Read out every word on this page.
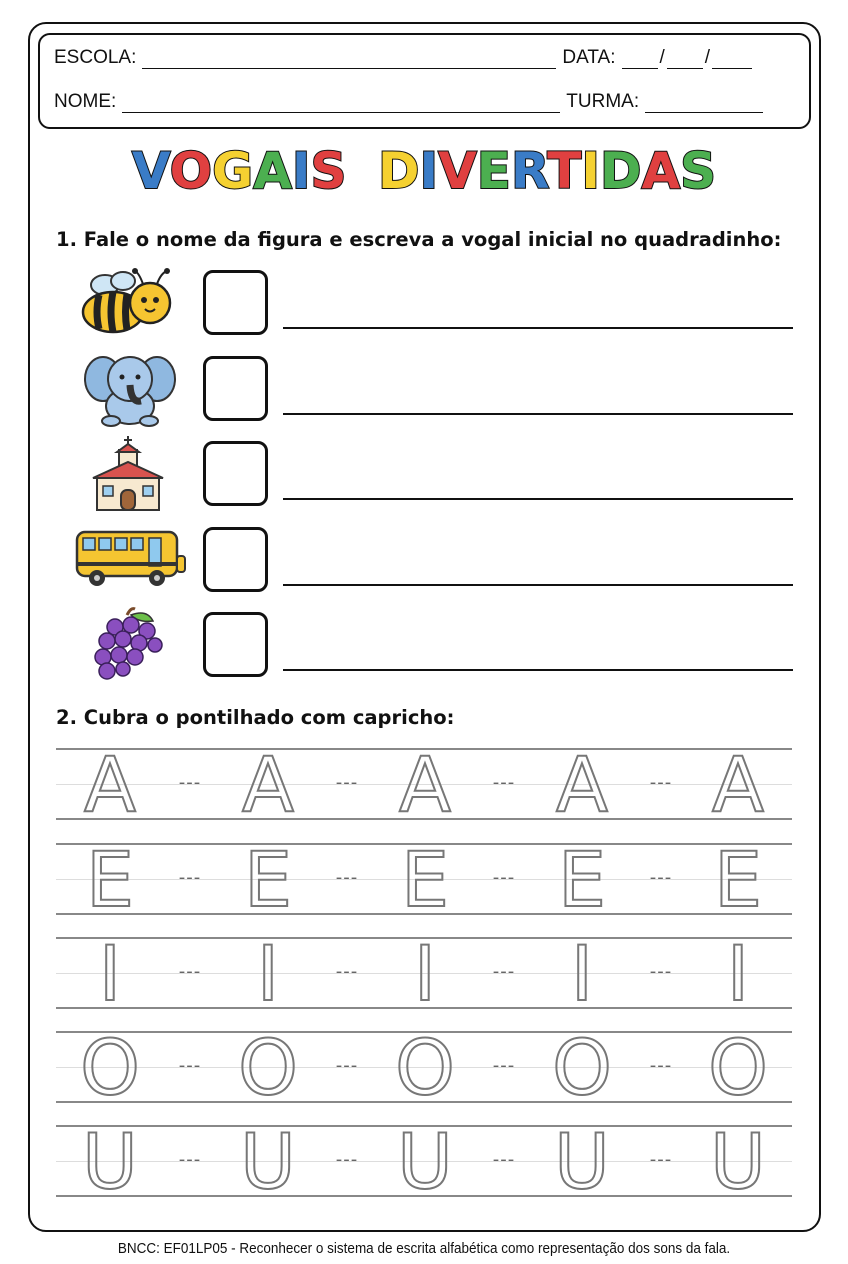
ESCOLA:	DATA: / /
NOME:	TURMA:
VOGAIS DIVERTIDAS
1. Fale o nome da figura e escreva a vogal inicial no quadradinho:
2. Cubra o pontilhado com capricho:
A A A A A
---	---	---	---
E E E E E
---	---	---	---
I I I I I
---	---	---	---
O O O O O
---	---	---	---
U U U U U
---	---	---	---
BNCC: EF01LP05 - Reconhecer o sistema de escrita alfabética como representação dos sons da fala.
